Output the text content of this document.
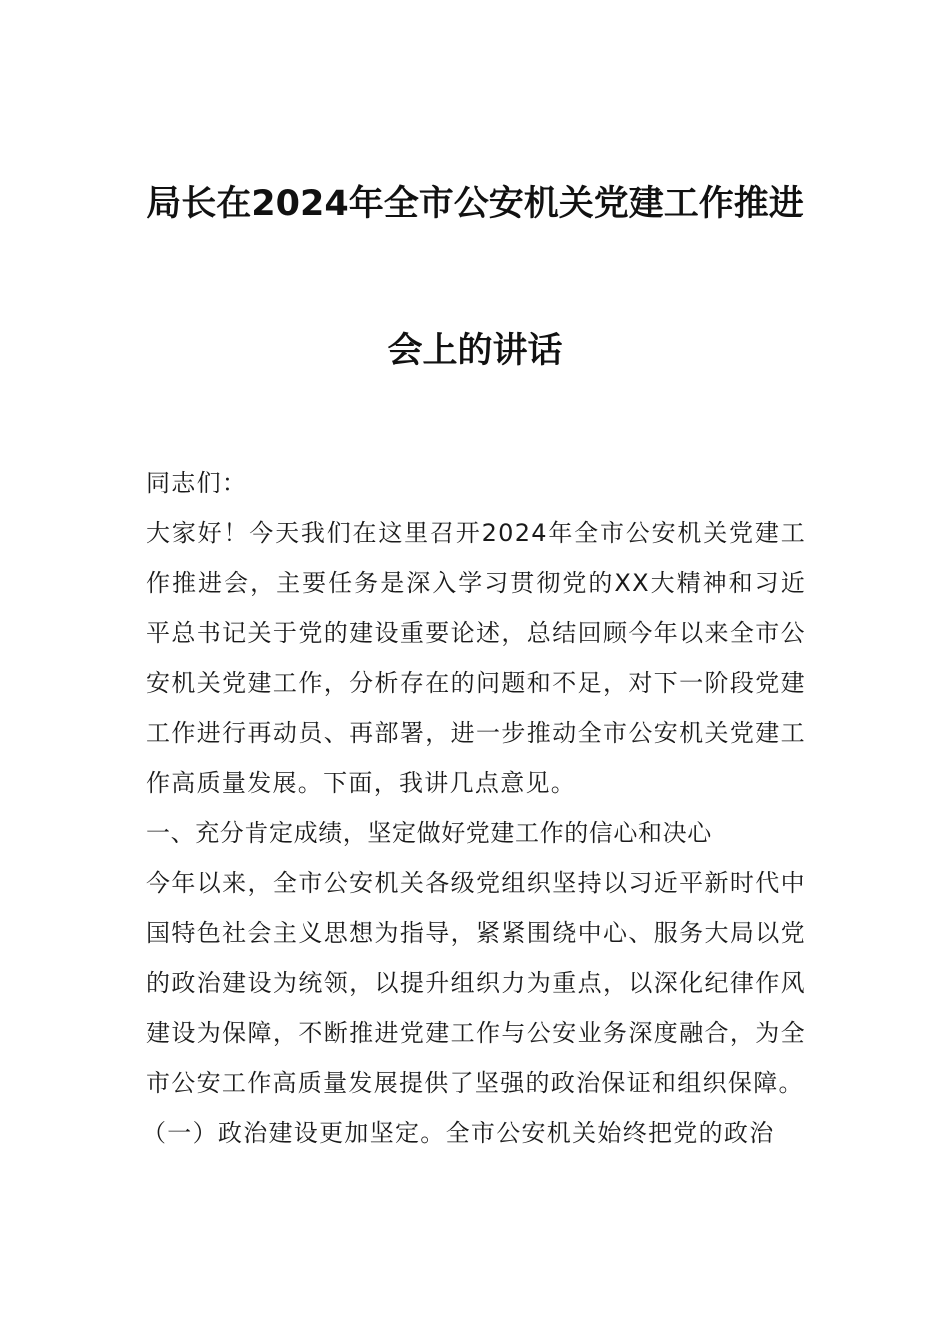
局长在2024年全市公安机关党建工作推进
会上的讲话

同志们：

大家好！今天我们在这里召开2024年全市公安机关党建工作推进会，主要任务是深入学习贯彻党的XX大精神和习近平总书记关于党的建设重要论述，总结回顾今年以来全市公安机关党建工作，分析存在的问题和不足，对下一阶段党建工作进行再动员、再部署，进一步推动全市公安机关党建工作高质量发展。下面，我讲几点意见。

一、充分肯定成绩，坚定做好党建工作的信心和决心

今年以来，全市公安机关各级党组织坚持以习近平新时代中国特色社会主义思想为指导，紧紧围绕中心、服务大局以党的政治建设为统领，以提升组织力为重点，以深化纪律作风建设为保障，不断推进党建工作与公安业务深度融合，为全市公安工作高质量发展提供了坚强的政治保证和组织保障。

（一）政治建设更加坚定。全市公安机关始终把党的政治
